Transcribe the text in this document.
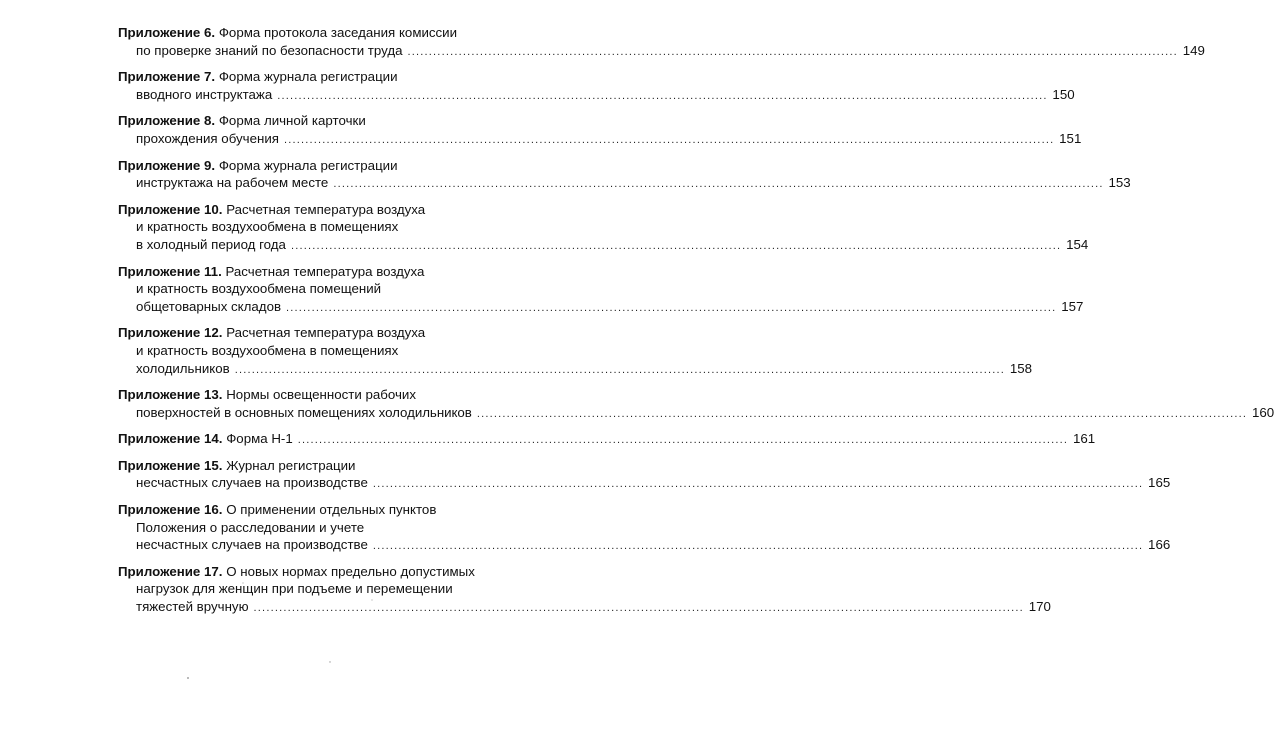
Приложение 6. Форма протокола заседания комиссии
по проверке знаний по безопасности труда ..................................................................................................................................................................................... 149
Приложение 7. Форма журнала регистрации
вводного инструктажа ..................................................................................................................................................................................... 150
Приложение 8. Форма личной карточки
прохождения обучения ..................................................................................................................................................................................... 151
Приложение 9. Форма журнала регистрации
инструктажа на рабочем месте ..................................................................................................................................................................................... 153
Приложение 10. Расчетная температура воздуха
и кратность воздухообмена в помещениях
в холодный период года ..................................................................................................................................................................................... 154
Приложение 11. Расчетная температура воздуха
и кратность воздухообмена помещений
общетоварных складов ..................................................................................................................................................................................... 157
Приложение 12. Расчетная температура воздуха
и кратность воздухообмена в помещениях
холодильников ..................................................................................................................................................................................... 158
Приложение 13. Нормы освещенности рабочих
поверхностей в основных помещениях холодильников ..................................................................................................................................................................................... 160
Приложение 14. Форма Н-1 ..................................................................................................................................................................................... 161
Приложение 15. Журнал регистрации
несчастных случаев на производстве ..................................................................................................................................................................................... 165
Приложение 16. О применении отдельных пунктов
Положения о расследовании и учете
несчастных случаев на производстве ..................................................................................................................................................................................... 166
Приложение 17. О новых нормах предельно допустимых
нагрузок для женщин при подъеме и перемещении
тяжестей вручную ..................................................................................................................................................................................... 170
